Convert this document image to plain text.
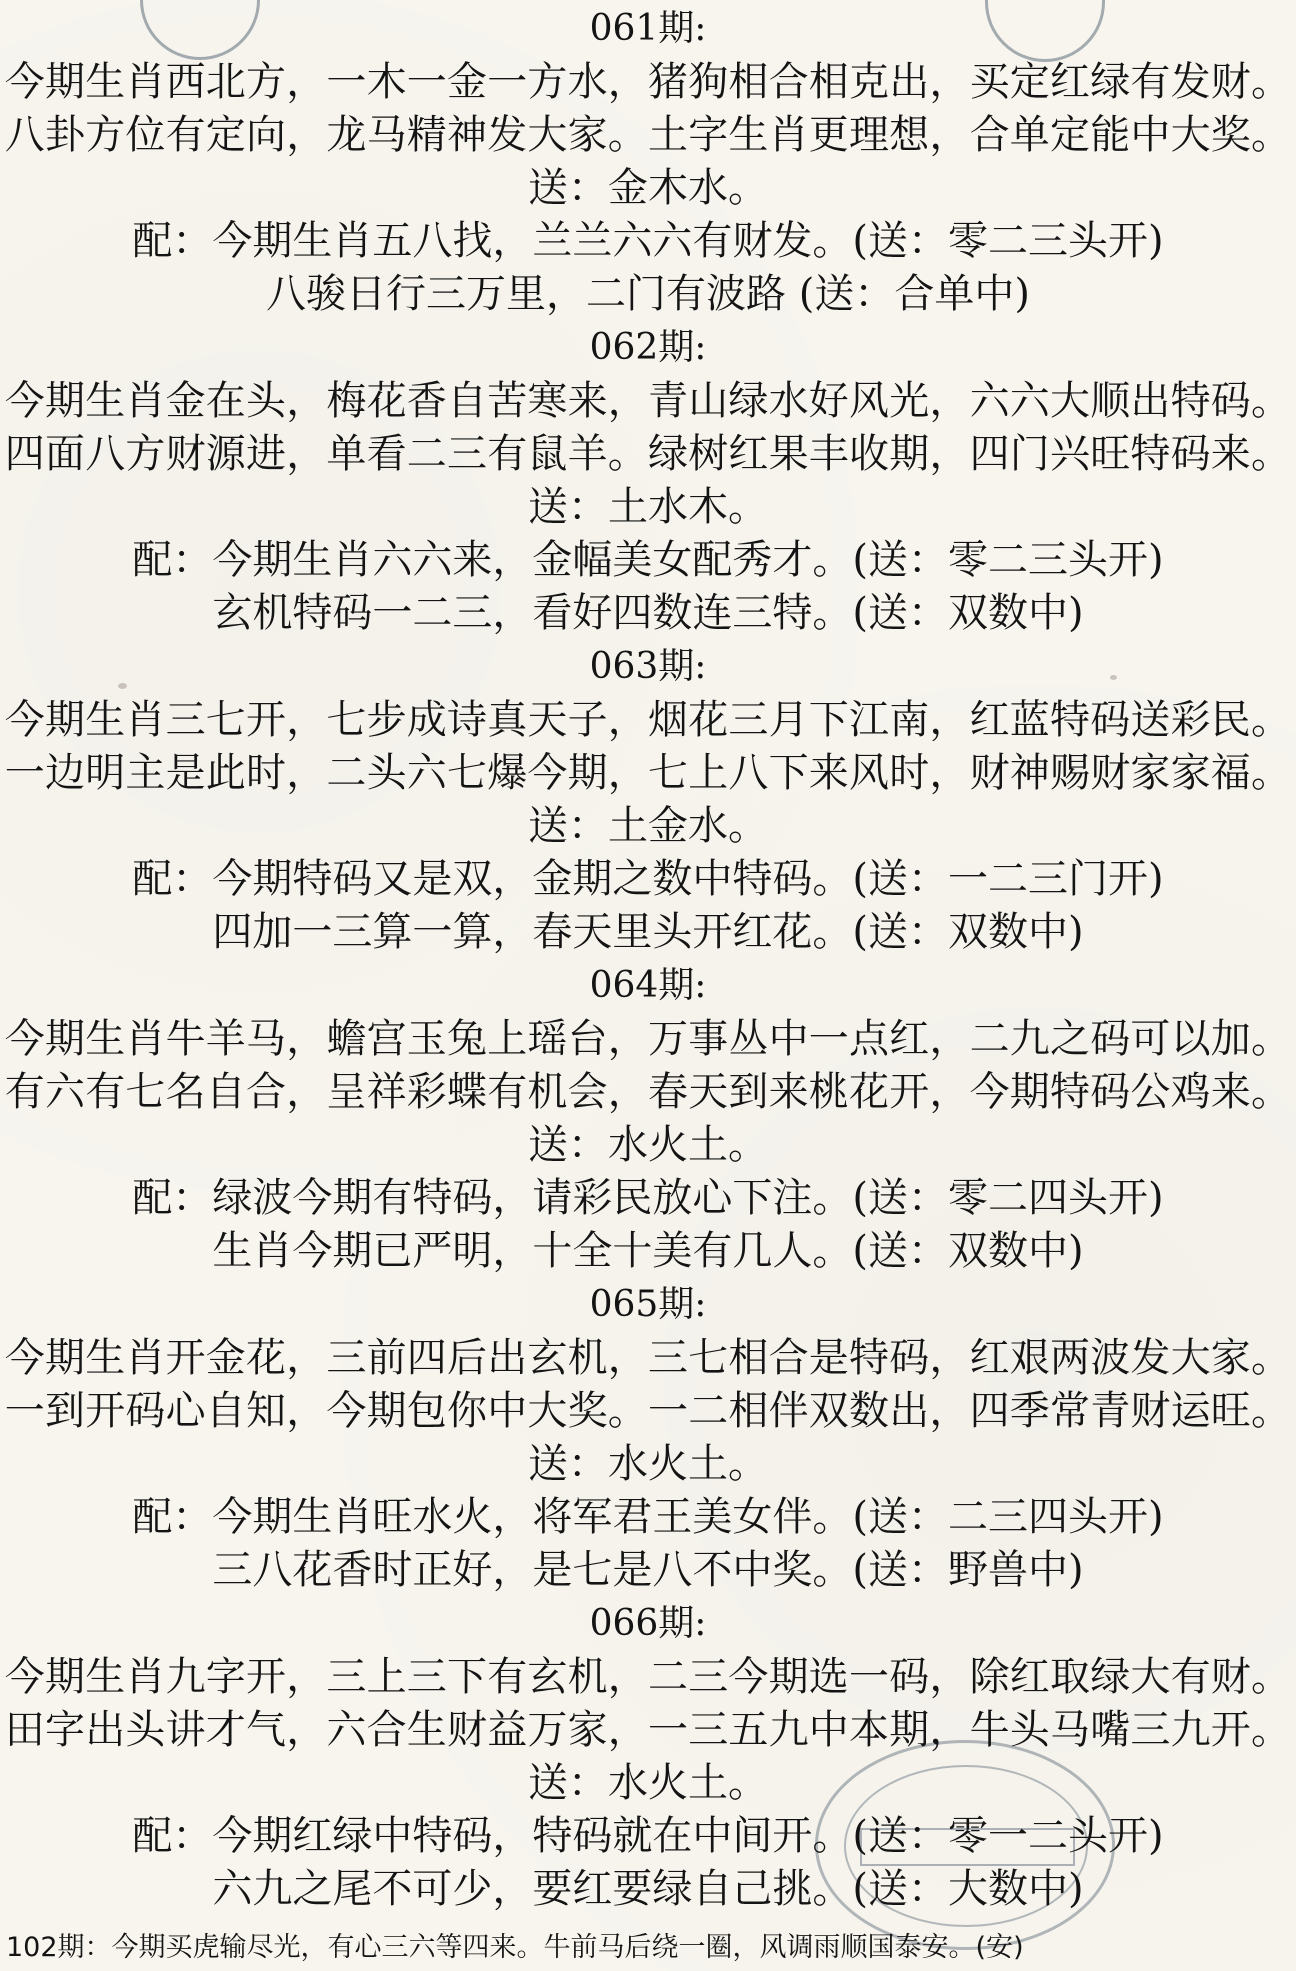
061期:
今期生肖西北方，一木一金一方水，猪狗相合相克出，买定红绿有发财。
八卦方位有定向，龙马精神发大家。土字生肖更理想，合单定能中大奖。
送：金木水。
配：今期生肖五八找，兰兰六六有财发。(送：零二三头开)
八骏日行三万里，二门有波路 (送：合单中)
062期:
今期生肖金在头，梅花香自苦寒来，青山绿水好风光，六六大顺出特码。
四面八方财源进，单看二三有鼠羊。绿树红果丰收期，四门兴旺特码来。
送：土水木。
配：今期生肖六六来，金幅美女配秀才。(送：零二三头开)
玄机特码一二三，看好四数连三特。(送：双数中)
063期:
今期生肖三七开，七步成诗真天子，烟花三月下江南，红蓝特码送彩民。
一边明主是此时，二头六七爆今期，七上八下来风时，财神赐财家家福。
送：土金水。
配：今期特码又是双，金期之数中特码。(送：一二三门开)
四加一三算一算，春天里头开红花。(送：双数中)
064期:
今期生肖牛羊马，蟾宫玉兔上瑶台，万事丛中一点红，二九之码可以加。
有六有七名自合，呈祥彩蝶有机会，春天到来桃花开，今期特码公鸡来。
送：水火土。
配：绿波今期有特码，请彩民放心下注。(送：零二四头开)
生肖今期已严明，十全十美有几人。(送：双数中)
065期:
今期生肖开金花，三前四后出玄机，三七相合是特码，红艰两波发大家。
一到开码心自知，今期包你中大奖。一二相伴双数出，四季常青财运旺。
送：水火土。
配：今期生肖旺水火，将军君王美女伴。(送：二三四头开)
三八花香时正好，是七是八不中奖。(送：野兽中)
066期:
今期生肖九字开，三上三下有玄机，二三今期选一码，除红取绿大有财。
田字出头讲才气，六合生财益万家，一三五九中本期，牛头马嘴三九开。
送：水火土。
配：今期红绿中特码，特码就在中间开。(送：零一二头开)
六九之尾不可少，要红要绿自己挑。(送：大数中)
102期：今期买虎输尽光，有心三六等四来。牛前马后绕一圈，风调雨顺国泰安。(安)
